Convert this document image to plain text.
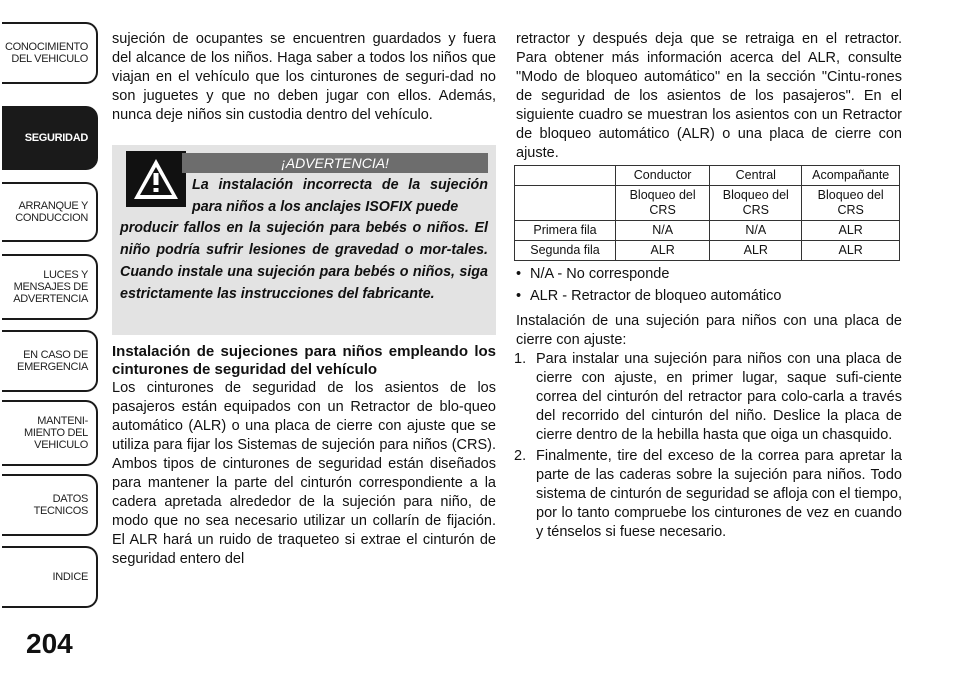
CONOCIMIENTO
DEL VEHICULO
SEGURIDAD
ARRANQUE Y
CONDUCCION
LUCES Y
MENSAJES DE
ADVERTENCIA
EN CASO DE
EMERGENCIA
MANTENI-
MIENTO DEL
VEHICULO
DATOS
TECNICOS
INDICE
204

sujeción de ocupantes se encuentren guardados y fuera del alcance de los niños. Haga saber a todos los niños que viajan en el vehículo que los cinturones de seguri-dad no son juguetes y que no deben jugar con ellos. Además, nunca deje niños sin custodia dentro del vehículo.

¡ADVERTENCIA!
La instalación incorrecta de la sujeción para niños a los anclajes ISOFIX puede
producir fallos en la sujeción para bebés o niños. El niño podría sufrir lesiones de gravedad o mor-tales. Cuando instale una sujeción para bebés o niños, siga estrictamente las instrucciones del fabricante.
Instalación de sujeciones para niños empleando los cinturones de seguridad del vehículo

Los cinturones de seguridad de los asientos de los pasajeros están equipados con un Retractor de blo-queo automático (ALR) o una placa de cierre con ajuste que se utiliza para fijar los Sistemas de sujeción para niños (CRS). Ambos tipos de cinturones de seguridad están diseñados para mantener la parte del cinturón correspondiente a la cadera apretada alrededor de la sujeción para niño, de modo que no sea necesario utilizar un collarín de fijación. El ALR hará un ruido de traqueteo si extrae el cinturón de seguridad entero del

retractor y después deja que se retraiga en el retractor. Para obtener más información acerca del ALR, consulte "Modo de bloqueo automático" en la sección "Cintu-rones de seguridad de los asientos de los pasajeros". En el siguiente cuadro se muestran los asientos con un Retractor de bloqueo automático (ALR) o una placa de cierre con ajuste.

	Conductor	Central	Acompañante
	Bloqueo del CRS	Bloqueo del CRS	Bloqueo del CRS
Primera fila	N/A	N/A	ALR
Segunda fila	ALR	ALR	ALR
• N/A - No corresponde
• ALR - Retractor de bloqueo automático

Instalación de una sujeción para niños con una placa de cierre con ajuste:

1. Para instalar una sujeción para niños con una placa de cierre con ajuste, en primer lugar, saque sufi-ciente correa del cinturón del retractor para colo-carla a través del recorrido del cinturón del niño. Deslice la placa de cierre dentro de la hebilla hasta que oiga un chasquido.
2. Finalmente, tire del exceso de la correa para apretar la parte de las caderas sobre la sujeción para niños. Todo sistema de cinturón de seguridad se afloja con el tiempo, por lo tanto compruebe los cinturones de vez en cuando y ténselos si fuese necesario.
